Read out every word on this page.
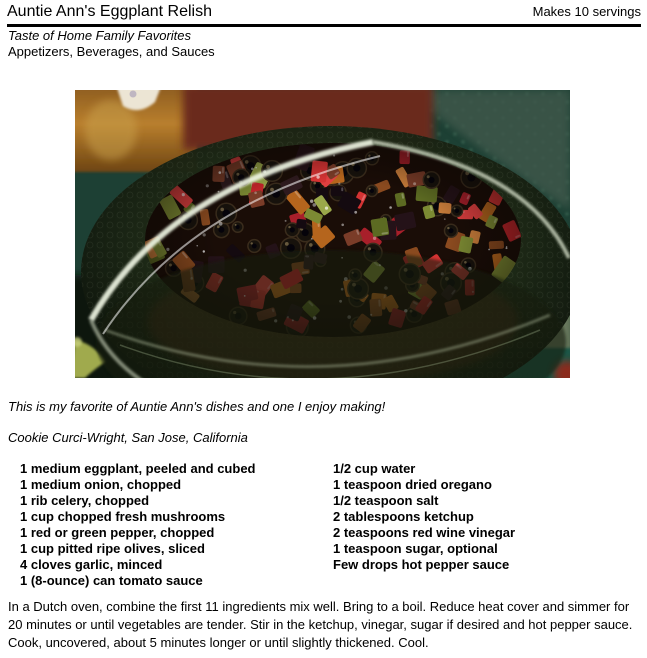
Auntie Ann's Eggplant Relish	Makes 10 servings
Taste of Home Family Favorites
Appetizers, Beverages, and Sauces
This is my favorite of Auntie Ann's dishes and one I enjoy making!
Cookie Curci-Wright, San Jose, California
1 medium eggplant, peeled and cubed
1 medium onion, chopped
1 rib celery, chopped
1 cup chopped fresh mushrooms
1 red or green pepper, chopped
1 cup pitted ripe olives, sliced
4 cloves garlic, minced
1 (8-ounce) can tomato sauce
1/2 cup water
1 teaspoon dried oregano
1/2 teaspoon salt
2 tablespoons ketchup
2 teaspoons red wine vinegar
1 teaspoon sugar, optional
Few drops hot pepper sauce
In a Dutch oven, combine the first 11 ingredients mix well. Bring to a boil. Reduce heat cover and simmer for 20 minutes or until vegetables are tender. Stir in the ketchup, vinegar, sugar if desired and hot pepper sauce. Cook, uncovered, about 5 minutes longer or until slightly thickened. Cool.
